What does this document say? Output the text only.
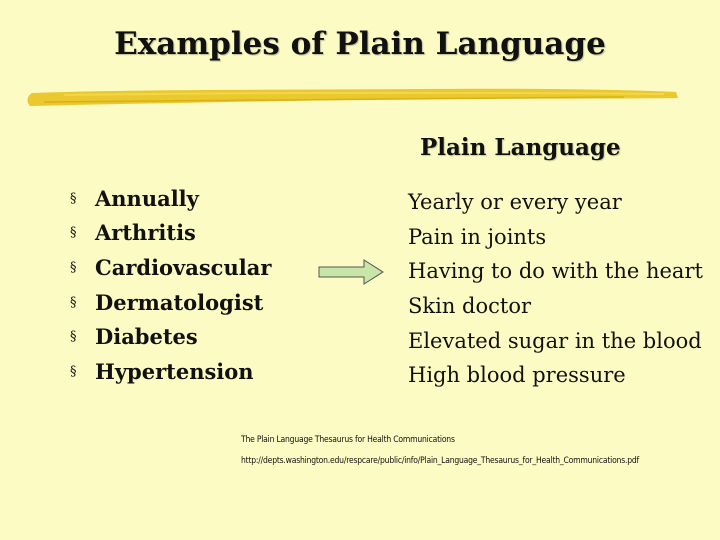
Examples of Plain Language
Plain Language
§ Annually
§ Arthritis
§ Cardiovascular
§ Dermatologist
§ Diabetes
§ Hypertension
Yearly or every year
Pain in joints
Having to do with the heart
Skin doctor
Elevated sugar in the blood
High blood pressure
The Plain Language Thesaurus for Health Communications
http://depts.washington.edu/respcare/public/info/Plain_Language_Thesaurus_for_Health_Communications.pdf
